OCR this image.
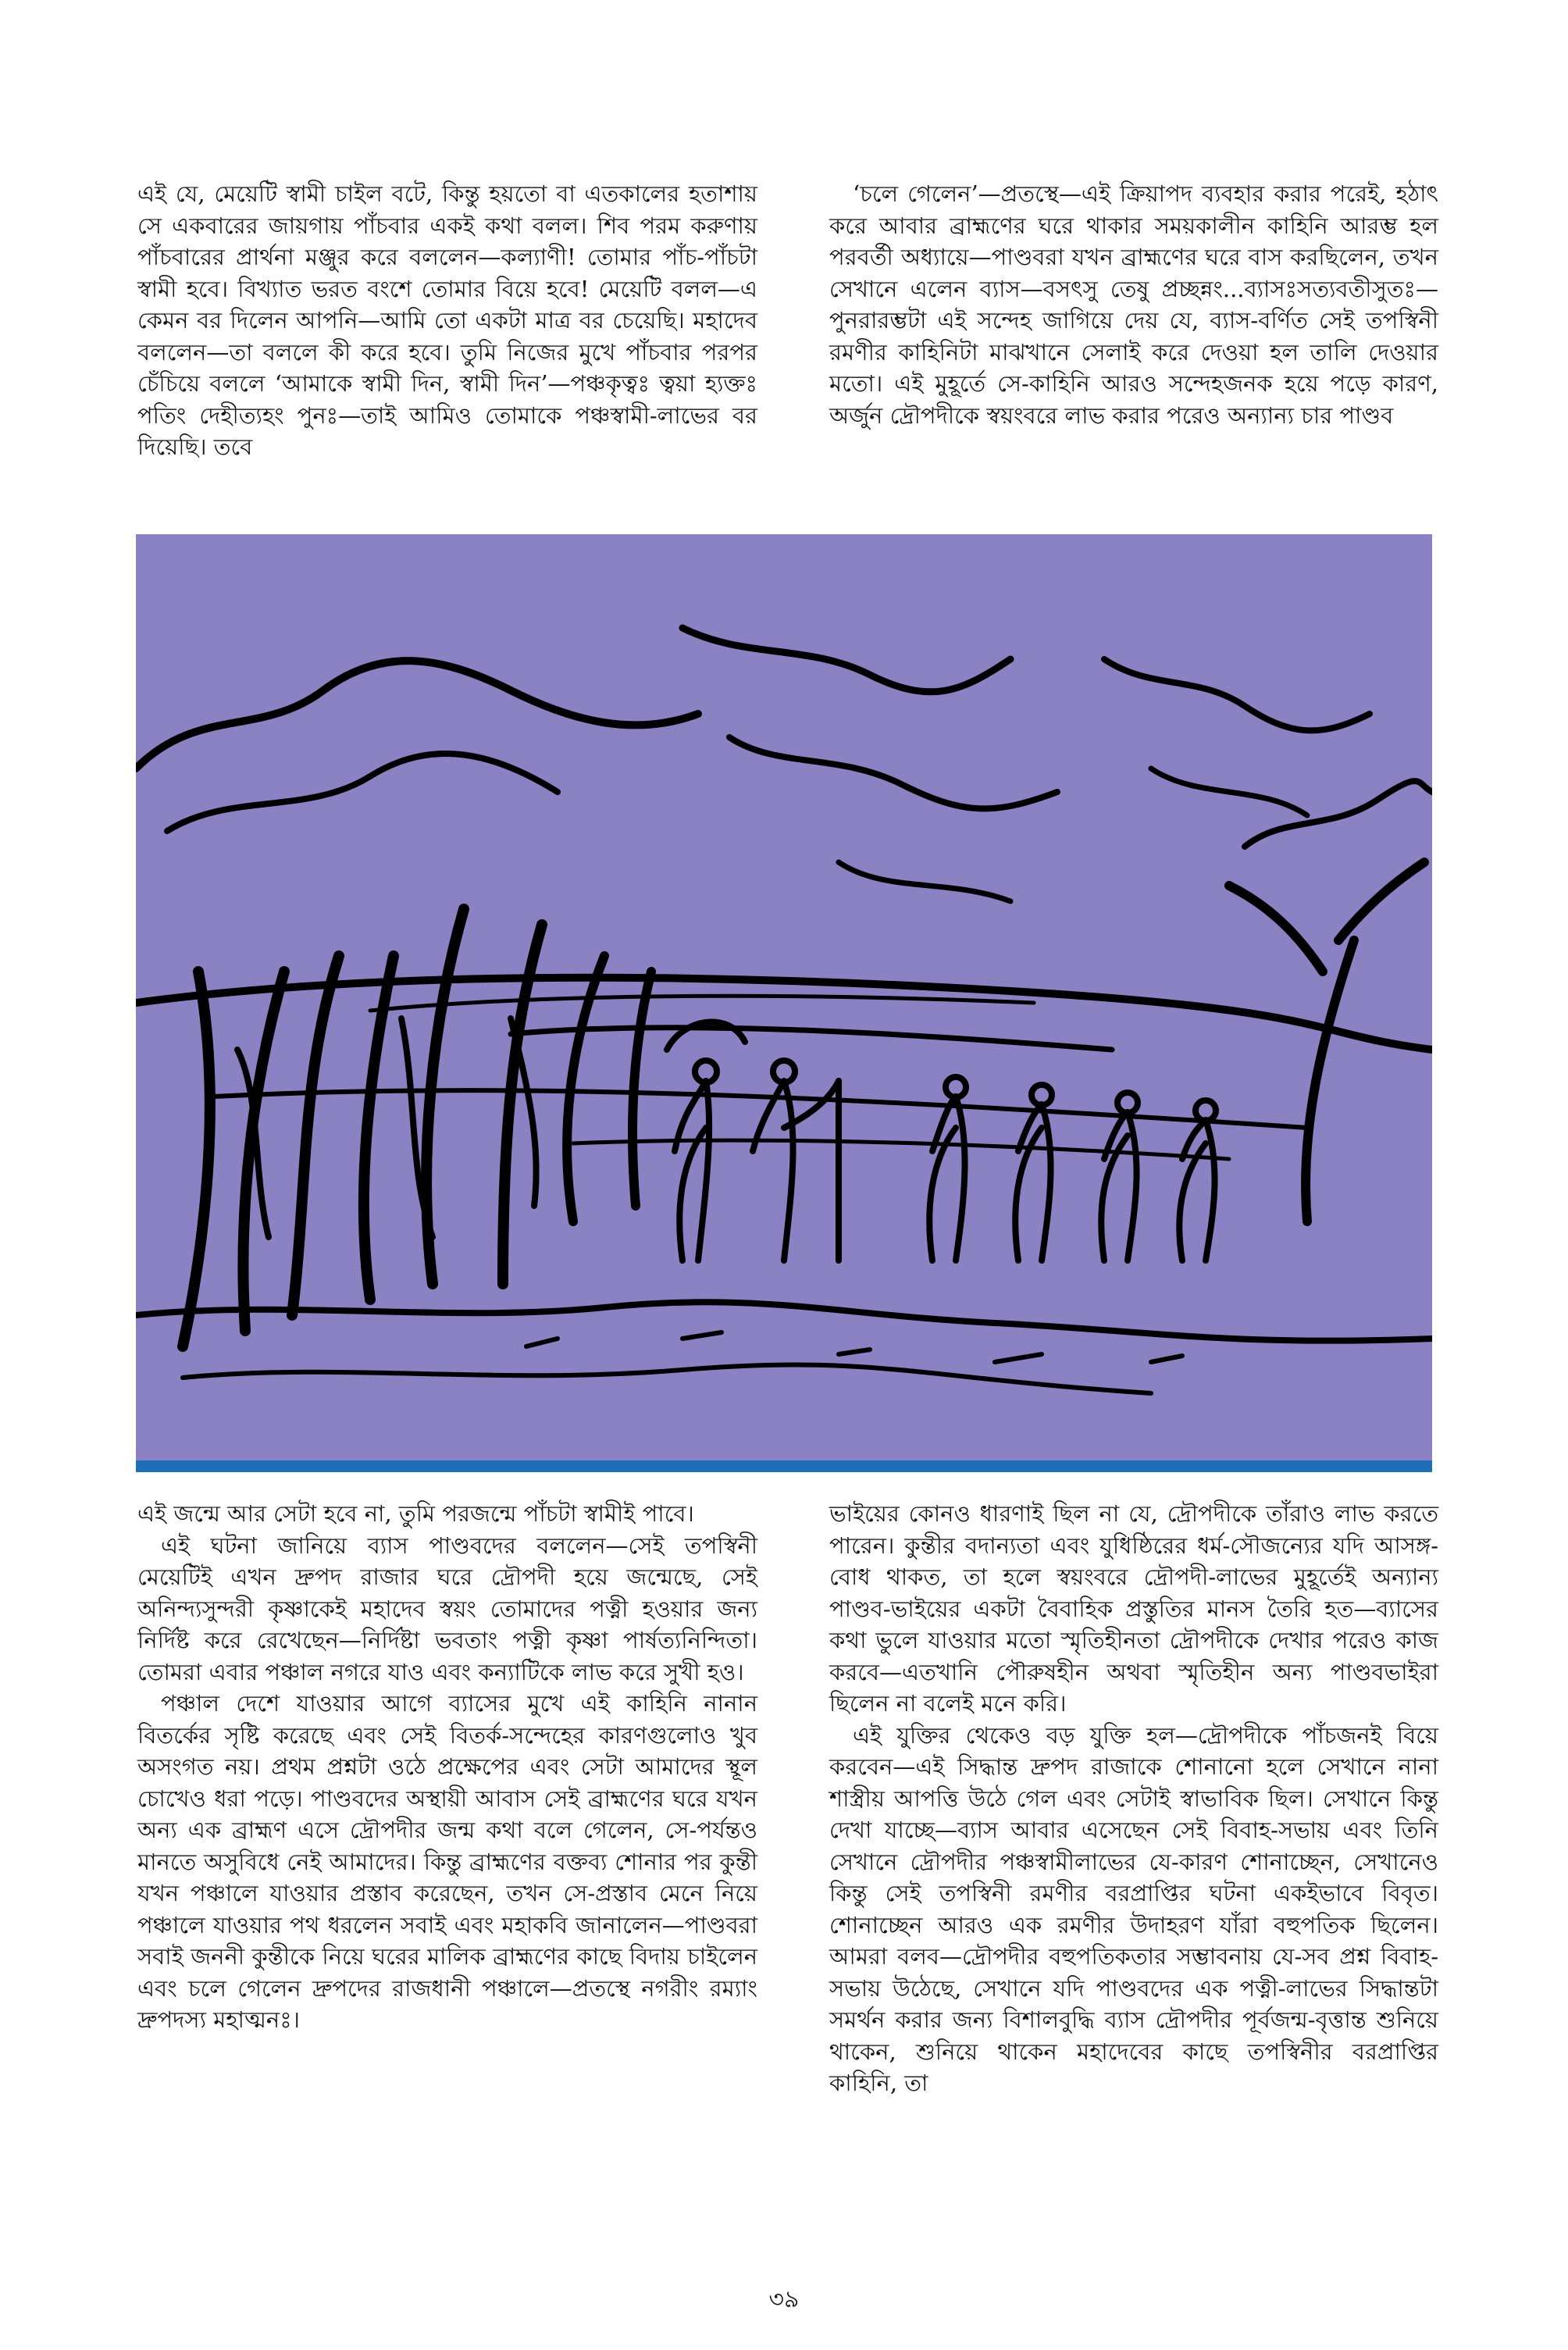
এই যে, মেয়েটি স্বামী চাইল বটে, কিন্তু হয়তো বা এতকালের হতাশায় সে একবারের জায়গায় পাঁচবার একই কথা বলল। শিব পরম করুণায় পাঁচবারের প্রার্থনা মঞ্জুর করে বললেন—কল্যাণী! তোমার পাঁচ-পাঁচটা স্বামী হবে। বিখ্যাত ভরত বংশে তোমার বিয়ে হবে! মেয়েটি বলল—এ কেমন বর দিলেন আপনি—আমি তো একটা মাত্র বর চেয়েছি। মহাদেব বললেন—তা বললে কী করে হবে। তুমি নিজের মুখে পাঁচবার পরপর চেঁচিয়ে বললে ‘আমাকে স্বামী দিন, স্বামী দিন’—পঞ্চকৃত্বঃ ত্বয়া হ্যক্তঃ পতিং দেহীত্যহং পুনঃ—তাই আমিও তোমাকে পঞ্চস্বামী-লাভের বর দিয়েছি। তবে

‘চলে গেলেন’—প্রতস্থে—এই ক্রিয়াপদ ব্যবহার করার পরেই, হঠাৎ করে আবার ব্রাহ্মণের ঘরে থাকার সময়কালীন কাহিনি আরম্ভ হল পরবর্তী অধ্যায়ে—পাণ্ডবরা যখন ব্রাহ্মণের ঘরে বাস করছিলেন, তখন সেখানে এলেন ব্যাস—বসৎসু তেষু প্রচ্ছন্নং...ব্যাসঃসত্যবতীসুতঃ—পুনরারম্ভটা এই সন্দেহ জাগিয়ে দেয় যে, ব্যাস-বর্ণিত সেই তপস্বিনী রমণীর কাহিনিটা মাঝখানে সেলাই করে দেওয়া হল তালি দেওয়ার মতো। এই মুহূর্তে সে-কাহিনি আরও সন্দেহজনক হয়ে পড়ে কারণ, অর্জুন দ্রৌপদীকে স্বয়ংবরে লাভ করার পরেও অন্যান্য চার পাণ্ডব

এই জন্মে আর সেটা হবে না, তুমি পরজন্মে পাঁচটা স্বামীই পাবে।

এই ঘটনা জানিয়ে ব্যাস পাণ্ডবদের বললেন—সেই তপস্বিনী মেয়েটিই এখন দ্রুপদ রাজার ঘরে দ্রৌপদী হয়ে জন্মেছে, সেই অনিন্দ্যসুন্দরী কৃষ্ণাকেই মহাদেব স্বয়ং তোমাদের পত্নী হওয়ার জন্য নির্দিষ্ট করে রেখেছেন—নির্দিষ্টা ভবতাং পত্নী কৃষ্ণা পার্ষত্যনিন্দিতা। তোমরা এবার পঞ্চাল নগরে যাও এবং কন্যাটিকে লাভ করে সুখী হও।

পঞ্চাল দেশে যাওয়ার আগে ব্যাসের মুখে এই কাহিনি নানান বিতর্কের সৃষ্টি করেছে এবং সেই বিতর্ক-সন্দেহের কারণগুলোও খুব অসংগত নয়। প্রথম প্রশ্নটা ওঠে প্রক্ষেপের এবং সেটা আমাদের স্থূল চোখেও ধরা পড়ে। পাণ্ডবদের অস্থায়ী আবাস সেই ব্রাহ্মণের ঘরে যখন অন্য এক ব্রাহ্মণ এসে দ্রৌপদীর জন্ম কথা বলে গেলেন, সে-পর্যন্তও মানতে অসুবিধে নেই আমাদের। কিন্তু ব্রাহ্মণের বক্তব্য শোনার পর কুন্তী যখন পঞ্চালে যাওয়ার প্রস্তাব করেছেন, তখন সে-প্রস্তাব মেনে নিয়ে পঞ্চালে যাওয়ার পথ ধরলেন সবাই এবং মহাকবি জানালেন—পাণ্ডবরা সবাই জননী কুন্তীকে নিয়ে ঘরের মালিক ব্রাহ্মণের কাছে বিদায় চাইলেন এবং চলে গেলেন দ্রুপদের রাজধানী পঞ্চালে—প্রতস্থে নগরীং রম্যাং দ্রুপদস্য মহাত্মনঃ।

ভাইয়ের কোনও ধারণাই ছিল না যে, দ্রৌপদীকে তাঁরাও লাভ করতে পারেন। কুন্তীর বদান্যতা এবং যুধিষ্ঠিরের ধর্ম-সৌজন্যের যদি আসঙ্গ-বোধ থাকত, তা হলে স্বয়ংবরে দ্রৌপদী-লাভের মুহূর্তেই অন্যান্য পাণ্ডব-ভাইয়ের একটা বৈবাহিক প্রস্তুতির মানস তৈরি হত—ব্যাসের কথা ভুলে যাওয়ার মতো স্মৃতিহীনতা দ্রৌপদীকে দেখার পরেও কাজ করবে—এতখানি পৌরুষহীন অথবা স্মৃতিহীন অন্য পাণ্ডবভাইরা ছিলেন না বলেই মনে করি।

এই যুক্তির থেকেও বড় যুক্তি হল—দ্রৌপদীকে পাঁচজনই বিয়ে করবেন—এই সিদ্ধান্ত দ্রুপদ রাজাকে শোনানো হলে সেখানে নানা শাস্ত্রীয় আপত্তি উঠে গেল এবং সেটাই স্বাভাবিক ছিল। সেখানে কিন্তু দেখা যাচ্ছে—ব্যাস আবার এসেছেন সেই বিবাহ-সভায় এবং তিনি সেখানে দ্রৌপদীর পঞ্চস্বামীলাভের যে-কারণ শোনাচ্ছেন, সেখানেও কিন্তু সেই তপস্বিনী রমণীর বরপ্রাপ্তির ঘটনা একইভাবে বিবৃত। শোনাচ্ছেন আরও এক রমণীর উদাহরণ যাঁরা বহুপতিক ছিলেন। আমরা বলব—দ্রৌপদীর বহুপতিকতার সম্ভাবনায় যে-সব প্রশ্ন বিবাহ-সভায় উঠেছে, সেখানে যদি পাণ্ডবদের এক পত্নী-লাভের সিদ্ধান্তটা সমর্থন করার জন্য বিশালবুদ্ধি ব্যাস দ্রৌপদীর পূর্বজন্ম-বৃত্তান্ত শুনিয়ে থাকেন, শুনিয়ে থাকেন মহাদেবের কাছে তপস্বিনীর বরপ্রাপ্তির কাহিনি, তা

৩৯
